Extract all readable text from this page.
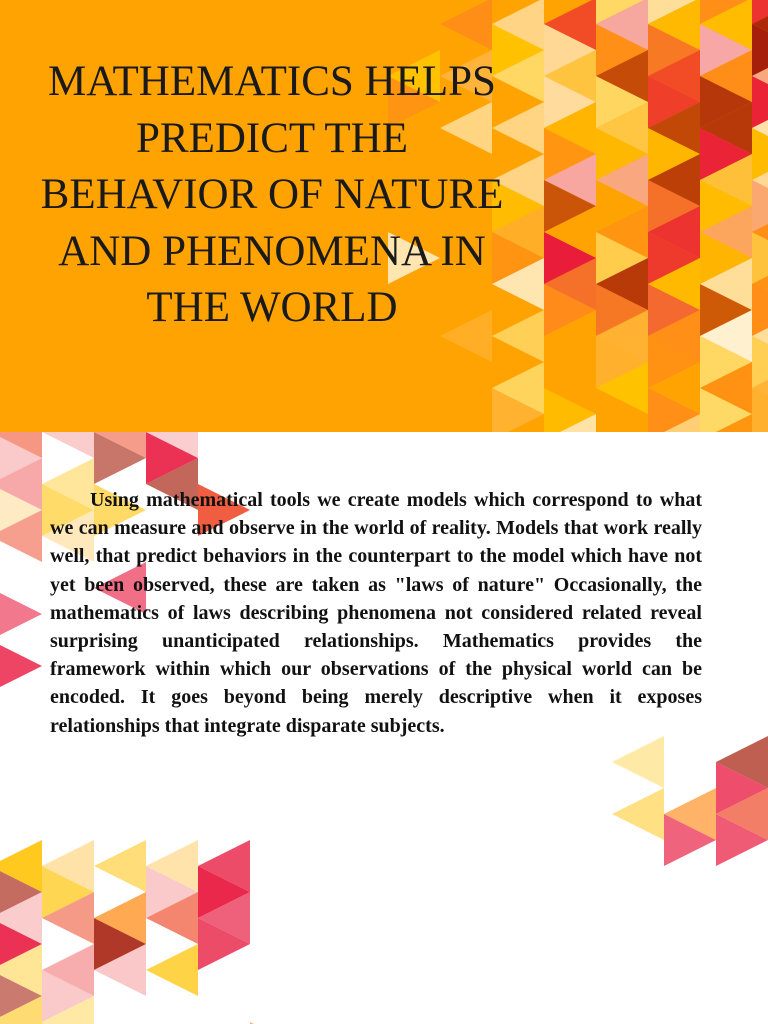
MATHEMATICS HELPS PREDICT THE BEHAVIOR OF NATURE AND PHENOMENA IN THE WORLD

Using mathematical tools we create models which correspond to what we can measure and observe in the world of reality. Models that work really well, that predict behaviors in the counterpart to the model which have not yet been observed, these are taken as "laws of nature" Occasionally, the mathematics of laws describing phenomena not considered related reveal surprising unanticipated relationships. Mathematics provides the framework within which our observations of the physical world can be encoded. It goes beyond being merely descriptive when it exposes relationships that integrate disparate subjects.
